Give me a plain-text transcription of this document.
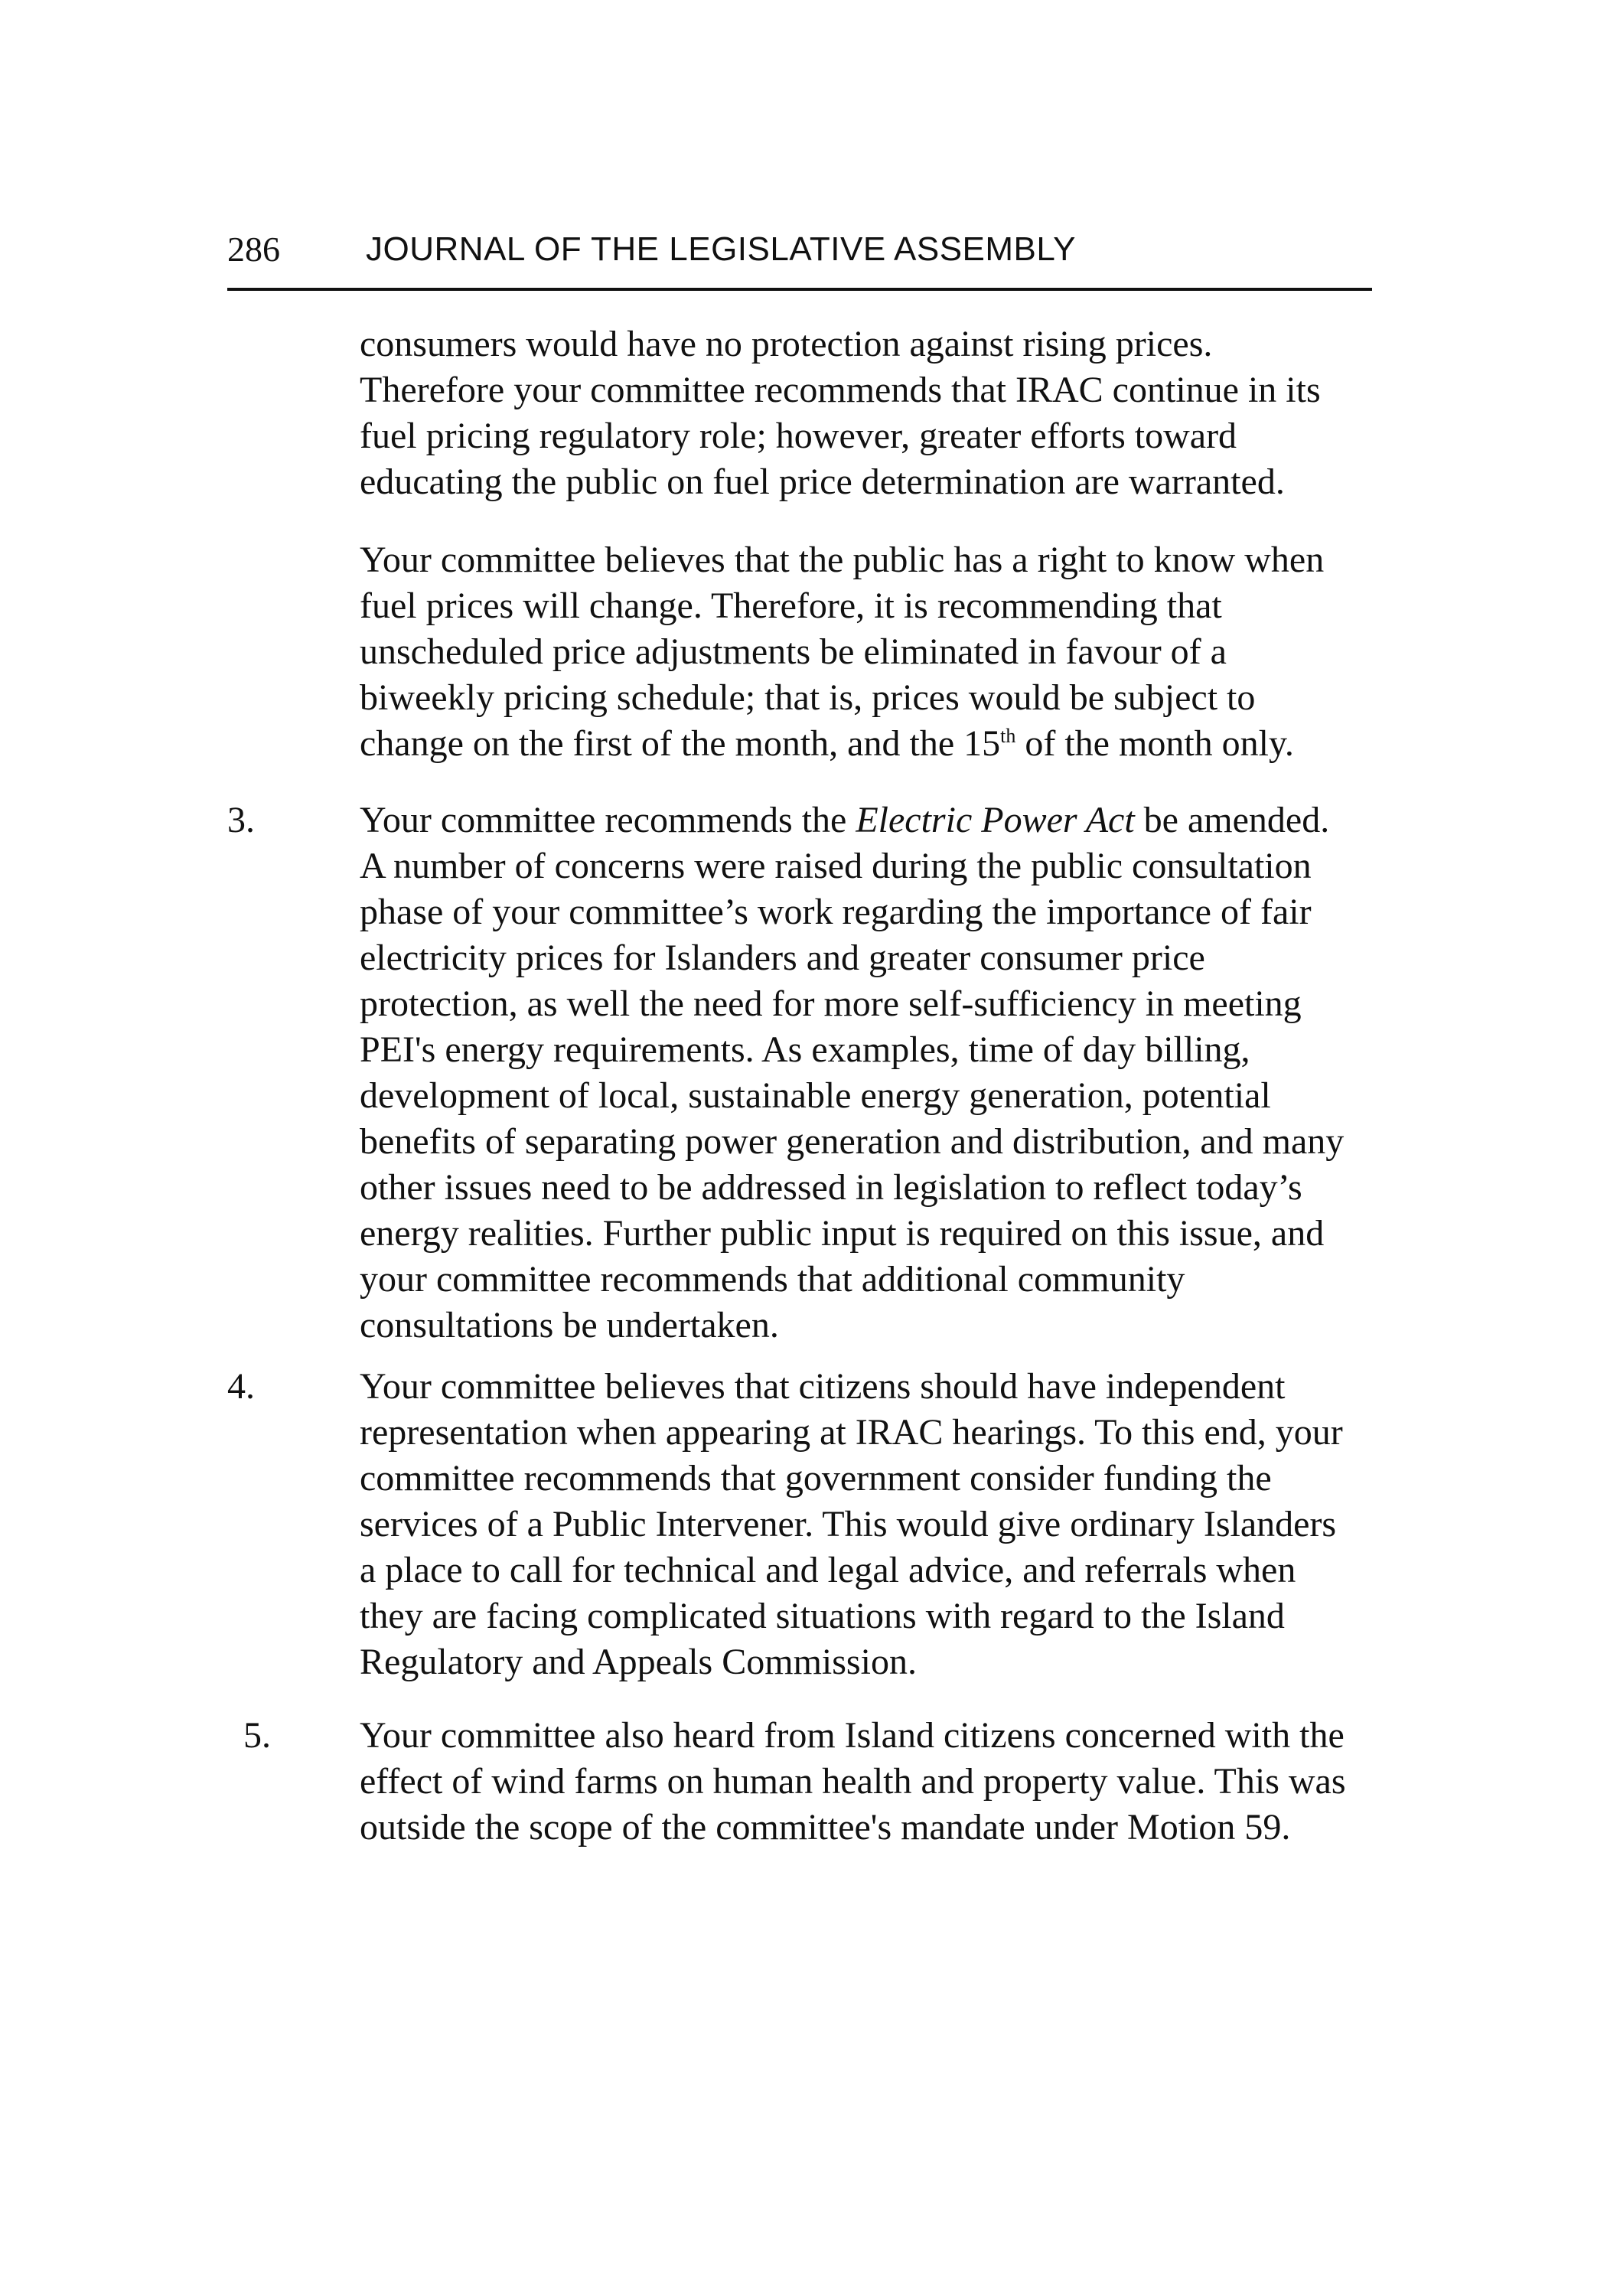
286	JOURNAL OF THE LEGISLATIVE ASSEMBLY
consumers would have no protection against rising prices.
Therefore your committee recommends that IRAC continue in its
fuel pricing regulatory role; however, greater efforts toward
educating the public on fuel price determination are warranted.
Your committee believes that the public has a right to know when
fuel prices will change. Therefore, it is recommending that
unscheduled price adjustments be eliminated in favour of a
biweekly pricing schedule; that is, prices would be subject to
change on the first of the month, and the 15th of the month only.
3.	Your committee recommends the Electric Power Act be amended.
A number of concerns were raised during the public consultation
phase of your committee’s work regarding the importance of fair
electricity prices for Islanders and greater consumer price
protection, as well the need for more self-sufficiency in meeting
PEI's energy requirements. As examples, time of day billing,
development of local, sustainable energy generation, potential
benefits of separating power generation and distribution, and many
other issues need to be addressed in legislation to reflect today’s
energy realities. Further public input is required on this issue, and
your committee recommends that additional community
consultations be undertaken.
4.	Your committee believes that citizens should have independent
representation when appearing at IRAC hearings. To this end, your
committee recommends that government consider funding the
services of a Public Intervener. This would give ordinary Islanders
a place to call for technical and legal advice, and referrals when
they are facing complicated situations with regard to the Island
Regulatory and Appeals Commission.
5. Your committee also heard from Island citizens concerned with the
effect of wind farms on human health and property value. This was
outside the scope of the committee's mandate under Motion 59.
